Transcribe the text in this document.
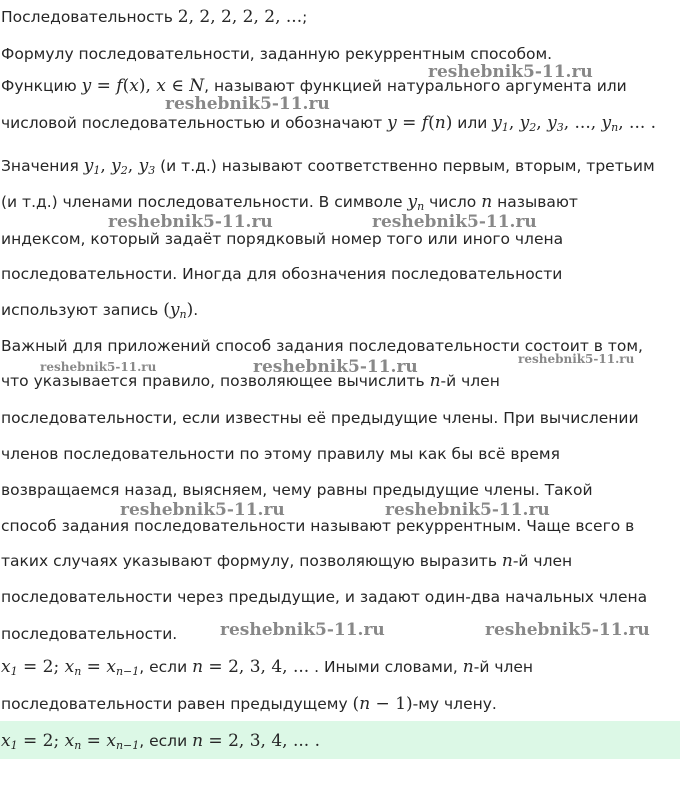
Последовательность 2, 2, 2, 2, 2, ...;
Формулу последовательности, заданную рекуррентным способом.
Функцию y = f(x), x ∈ N, называют функцией натурального аргумента или
числовой последовательностью и обозначают y = f(n) или $y_1$, $y_2$, $y_3$, ..., $y_n$, ... .
Значения $y_1$, $y_2$, $y_3$ (и т.д.) называют соответственно первым, вторым, третьим
(и т.д.) членами последовательности. В символе $y_n$ число n называют
индексом, который задаёт порядковый номер того или иного члена
последовательности. Иногда для обозначения последовательности
используют запись $(y_n)$.
Важный для приложений способ задания последовательности состоит в том,
что указывается правило, позволяющее вычислить n-й член
последовательности, если известны её предыдущие члены. При вычислении
членов последовательности по этому правилу мы как бы всё время
возвращаемся назад, выясняем, чему равны предыдущие члены. Такой
способ задания последовательности называют рекуррентным. Чаще всего в
таких случаях указывают формулу, позволяющую выразить n-й член
последовательности через предыдущие, и задают один-два начальных члена
последовательности.
$x_1 = 2$; $x_n = x_{n-1}$, если n = 2, 3, 4, ... . Иными словами, n-й член
последовательности равен предыдущему (n − 1)-му члену.
$x_1 = 2$; $x_n = x_{n-1}$, если n = 2, 3, 4, ... .
reshebnik5-11.ru
reshebnik5-11.ru
reshebnik5-11.ru	reshebnik5-11.ru
reshebnik5-11.ru	reshebnik5-11.ru	reshebnik5-11.ru
reshebnik5-11.ru	reshebnik5-11.ru
reshebnik5-11.ru	reshebnik5-11.ru
